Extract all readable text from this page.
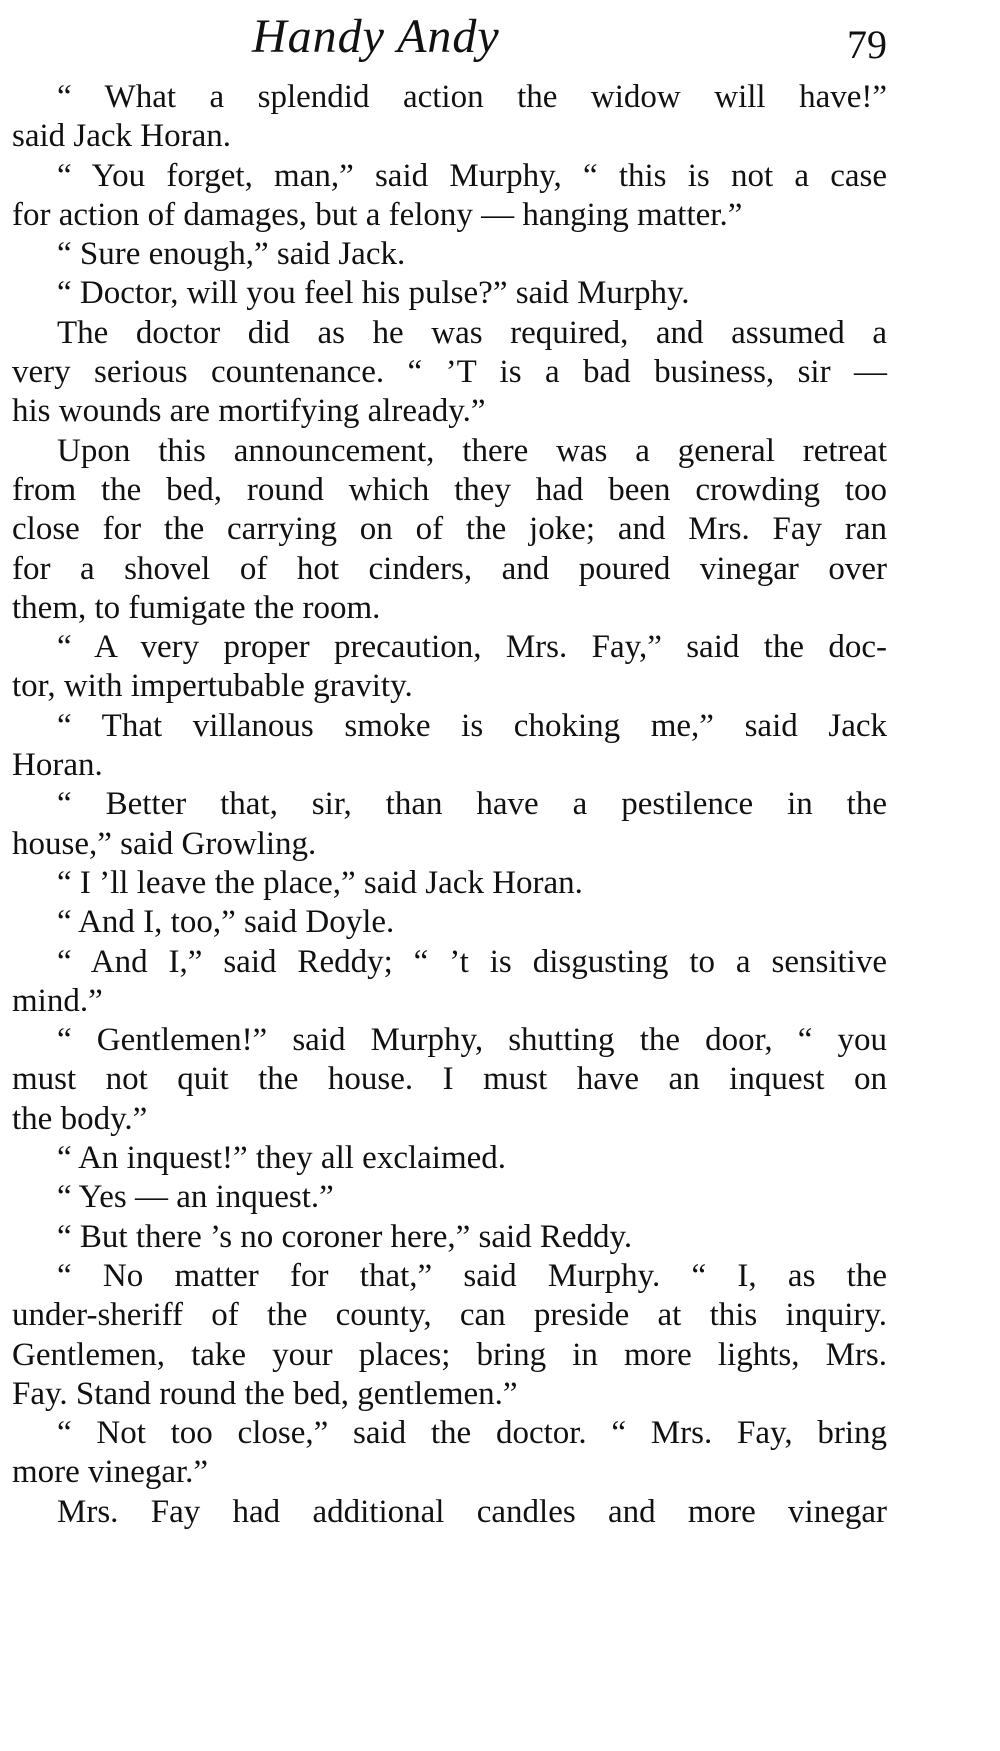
Handy Andy	79
“ What a splendid action the widow will have!”
said Jack Horan.
“ You forget, man,” said Murphy, “ this is not a case
for action of damages, but a felony — hanging matter.”
“ Sure enough,” said Jack.
“ Doctor, will you feel his pulse?” said Murphy.
The doctor did as he was required, and assumed a
very serious countenance. “ ’T is a bad business, sir —
his wounds are mortifying already.”
Upon this announcement, there was a general retreat
from the bed, round which they had been crowding too
close for the carrying on of the joke; and Mrs. Fay ran
for a shovel of hot cinders, and poured vinegar over
them, to fumigate the room.
“ A very proper precaution, Mrs. Fay,” said the doc-
tor, with impertubable gravity.
“ That villanous smoke is choking me,” said Jack
Horan.
“ Better that, sir, than have a pestilence in the
house,” said Growling.
“ I ’ll leave the place,” said Jack Horan.
“ And I, too,” said Doyle.
“ And I,” said Reddy; “ ’t is disgusting to a sensitive
mind.”
“ Gentlemen!” said Murphy, shutting the door, “ you
must not quit the house. I must have an inquest on
the body.”
“ An inquest!” they all exclaimed.
“ Yes — an inquest.”
“ But there ’s no coroner here,” said Reddy.
“ No matter for that,” said Murphy. “ I, as the
under-sheriff of the county, can preside at this inquiry.
Gentlemen, take your places; bring in more lights, Mrs.
Fay. Stand round the bed, gentlemen.”
“ Not too close,” said the doctor. “ Mrs. Fay, bring
more vinegar.”
Mrs. Fay had additional candles and more vinegar
